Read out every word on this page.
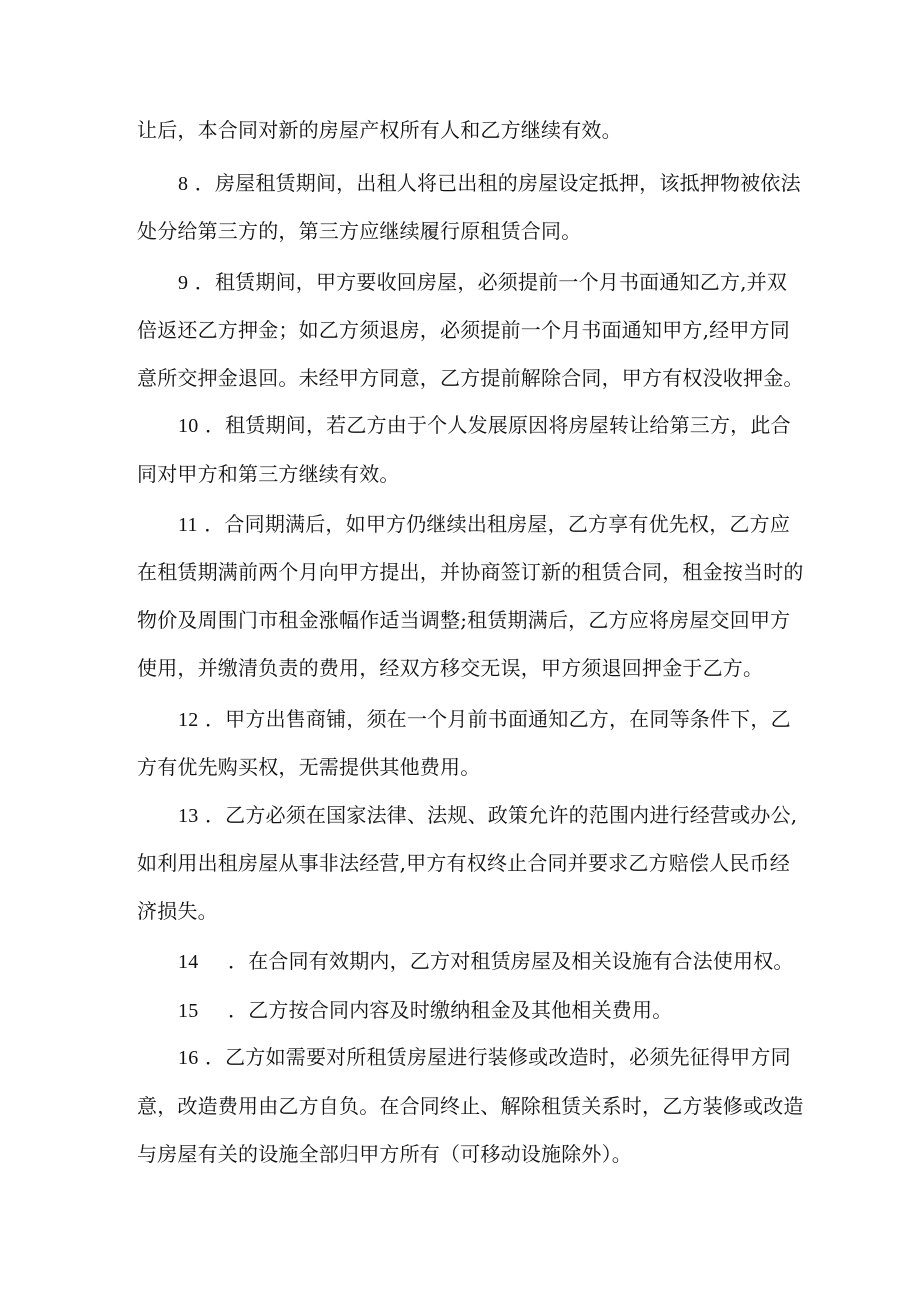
让后，本合同对新的房屋产权所有人和乙方继续有效。
8 ．房屋租赁期间，出租人将已出租的房屋设定抵押，该抵押物被依法
处分给第三方的，第三方应继续履行原租赁合同。
9 ．租赁期间，甲方要收回房屋，必须提前一个月书面通知乙方,并双
倍返还乙方押金；如乙方须退房，必须提前一个月书面通知甲方,经甲方同
意所交押金退回。未经甲方同意，乙方提前解除合同，甲方有权没收押金。
10 ．租赁期间，若乙方由于个人发展原因将房屋转让给第三方，此合
同对甲方和第三方继续有效。
11 ．合同期满后，如甲方仍继续出租房屋，乙方享有优先权，乙方应
在租赁期满前两个月向甲方提出，并协商签订新的租赁合同，租金按当时的
物价及周围门市租金涨幅作适当调整;租赁期满后，乙方应将房屋交回甲方
使用，并缴清负责的费用，经双方移交无误，甲方须退回押金于乙方。
12 ．甲方出售商铺，须在一个月前书面通知乙方，在同等条件下，乙
方有优先购买权，无需提供其他费用。
13 ．乙方必须在国家法律、法规、政策允许的范围内进行经营或办公,
如利用出租房屋从事非法经营,甲方有权终止合同并要求乙方赔偿人民币经
济损失。
14 ．在合同有效期内，乙方对租赁房屋及相关设施有合法使用权。
15 ．乙方按合同内容及时缴纳租金及其他相关费用。
16 ．乙方如需要对所租赁房屋进行装修或改造时，必须先征得甲方同
意，改造费用由乙方自负。在合同终止、解除租赁关系时，乙方装修或改造
与房屋有关的设施全部归甲方所有（可移动设施除外）。
